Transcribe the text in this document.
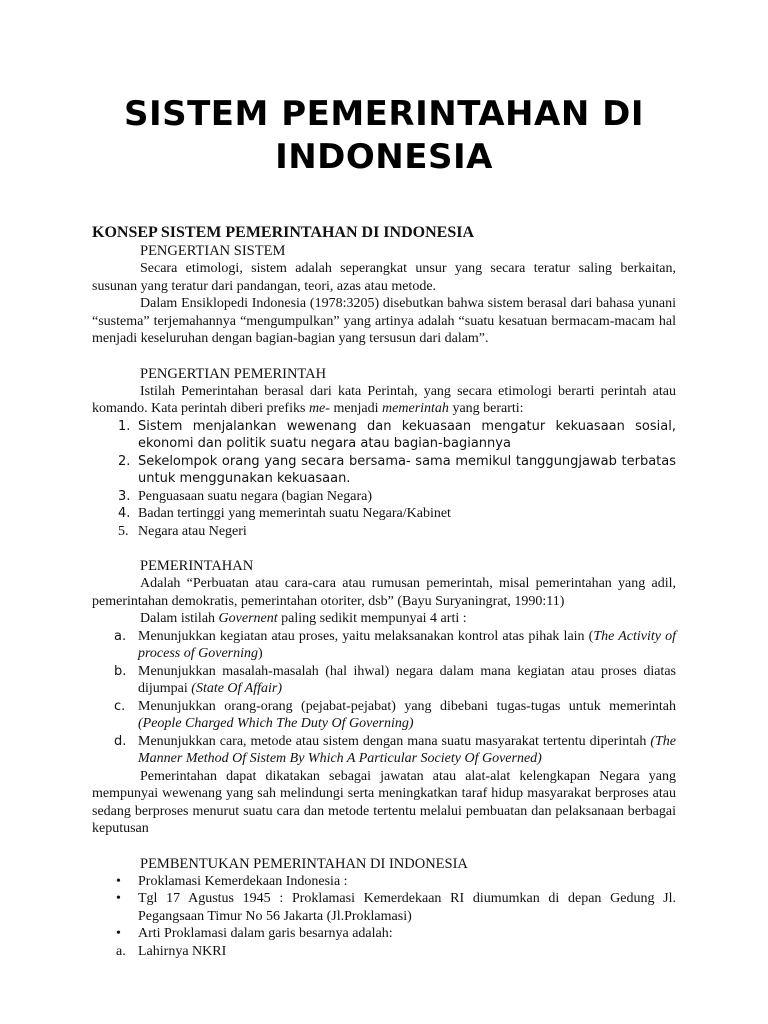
SISTEM PEMERINTAHAN DI INDONESIA
KONSEP SISTEM PEMERINTAHAN DI INDONESIA
PENGERTIAN SISTEM

Secara etimologi, sistem adalah seperangkat unsur yang secara teratur saling berkaitan, susunan yang teratur dari pandangan, teori, azas atau metode.

Dalam Ensiklopedi Indonesia (1978:3205) disebutkan bahwa sistem berasal dari bahasa yunani “sustema” terjemahannya “mengumpulkan” yang artinya adalah “suatu kesatuan bermacam-macam hal menjadi keseluruhan dengan bagian-bagian yang tersusun dari dalam”.

PENGERTIAN PEMERINTAH

Istilah Pemerintahan berasal dari kata Perintah, yang secara etimologi berarti perintah atau komando. Kata perintah diberi prefiks me- menjadi memerintah yang berarti:

1. Sistem menjalankan wewenang dan kekuasaan mengatur kekuasaan sosial, ekonomi dan politik suatu negara atau bagian-bagiannya
2. Sekelompok orang yang secara bersama- sama memikul tanggungjawab terbatas untuk menggunakan kekuasaan.
3. Penguasaan suatu negara (bagian Negara)
4. Badan tertinggi yang memerintah suatu Negara/Kabinet
5. Negara atau Negeri
PEMERINTAHAN

Adalah “Perbuatan atau cara-cara atau rumusan pemerintah, misal pemerintahan yang adil, pemerintahan demokratis, pemerintahan otoriter, dsb” (Bayu Suryaningrat, 1990:11)

Dalam istilah Governent paling sedikit mempunyai 4 arti :

a. Menunjukkan kegiatan atau proses, yaitu melaksanakan kontrol atas pihak lain (The Activity of process of Governing)
b. Menunjukkan masalah-masalah (hal ihwal) negara dalam mana kegiatan atau proses diatas dijumpai (State Of Affair)
c. Menunjukkan orang-orang (pejabat-pejabat) yang dibebani tugas-tugas untuk memerintah (People Charged Which The Duty Of Governing)
d. Menunjukkan cara, metode atau sistem dengan mana suatu masyarakat tertentu diperintah (The Manner Method Of Sistem By Which A Particular Society Of Governed)

Pemerintahan dapat dikatakan sebagai jawatan atau alat-alat kelengkapan Negara yang mempunyai wewenang yang sah melindungi serta meningkatkan taraf hidup masyarakat berproses atau sedang berproses menurut suatu cara dan metode tertentu melalui pembuatan dan pelaksanaan berbagai keputusan

PEMBENTUKAN PEMERINTAHAN DI INDONESIA
• Proklamasi Kemerdekaan Indonesia :
• Tgl 17 Agustus 1945 : Proklamasi Kemerdekaan RI diumumkan di depan Gedung Jl. Pegangsaan Timur No 56 Jakarta (Jl.Proklamasi)
• Arti Proklamasi dalam garis besarnya adalah:
a. Lahirnya NKRI
